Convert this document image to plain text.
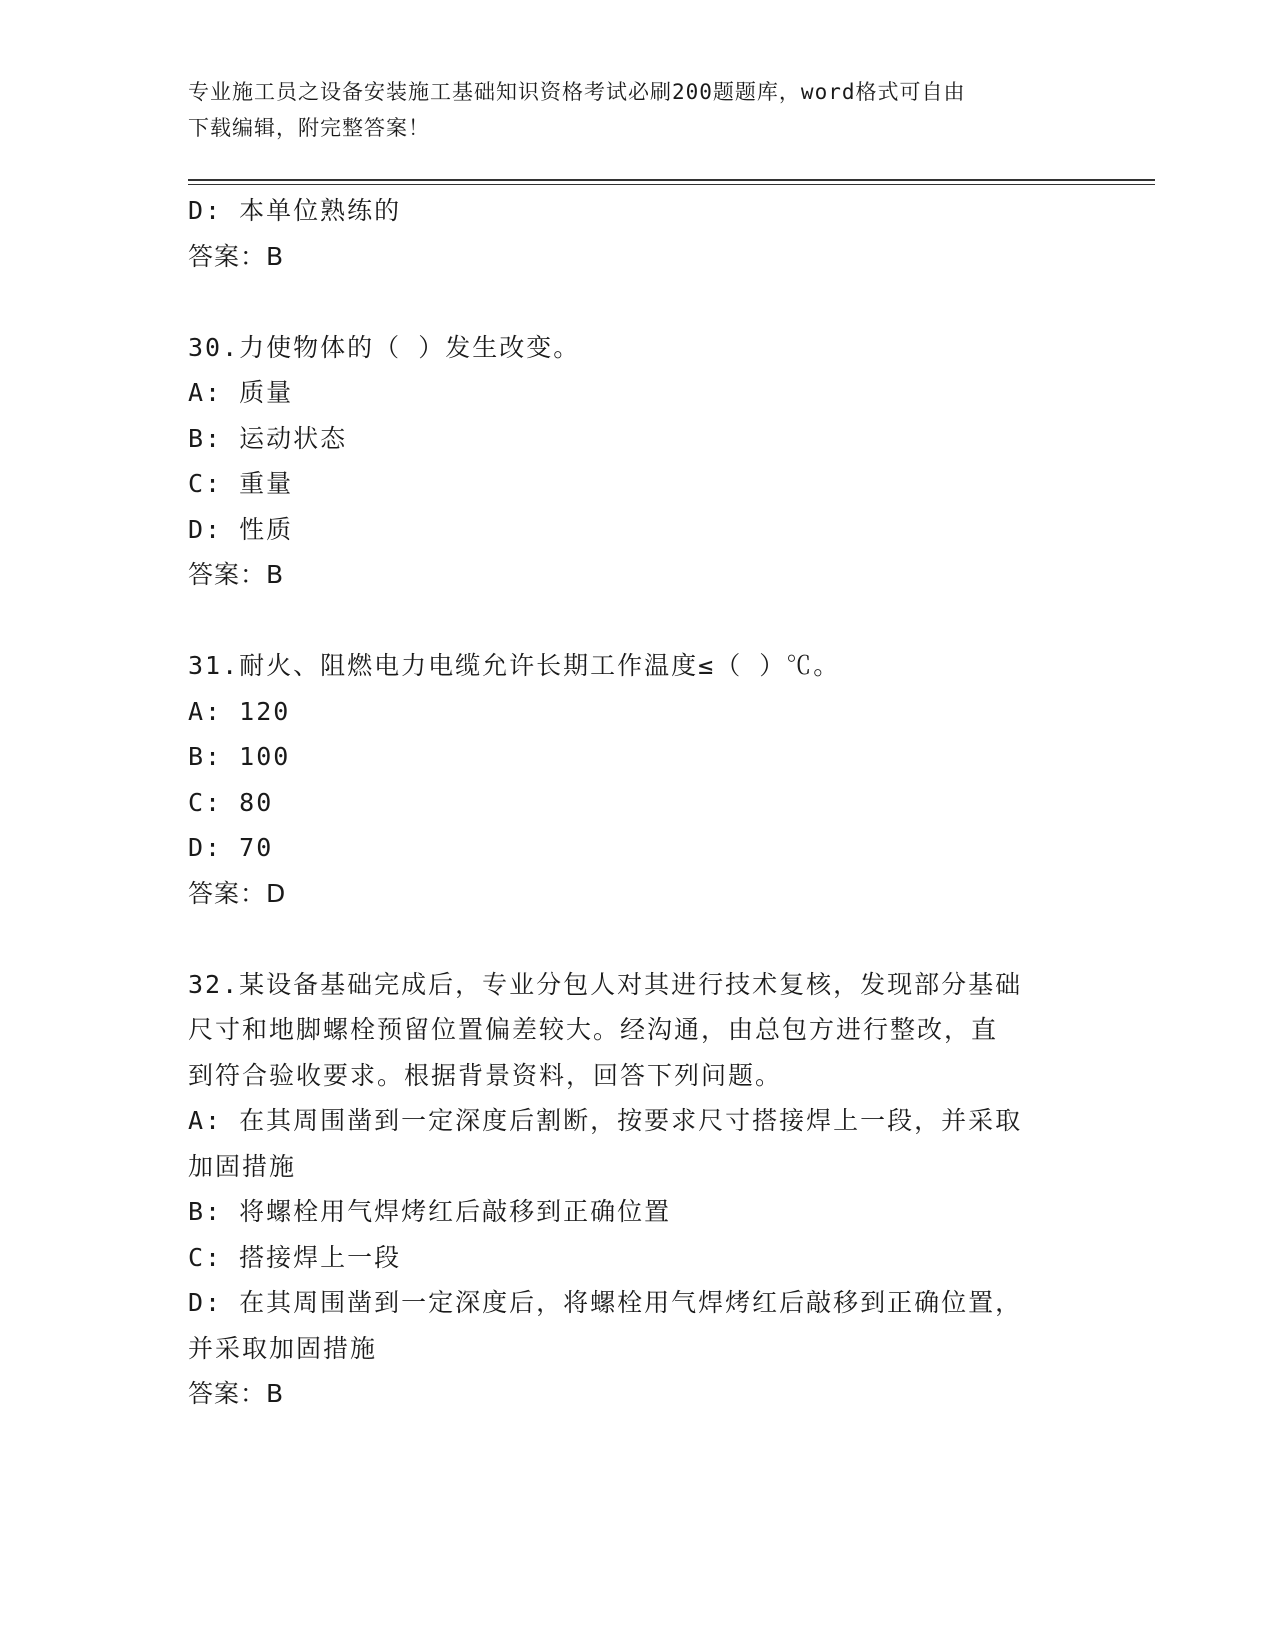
专业施工员之设备安装施工基础知识资格考试必刷200题题库，word格式可自由
下载编辑，附完整答案！
D: 本单位熟练的
答案：B
30.力使物体的（ ）发生改变。
A: 质量
B: 运动状态
C: 重量
D: 性质
答案：B
31.耐火、阻燃电力电缆允许长期工作温度≤（ ）℃。
A: 120
B: 100
C: 80
D: 70
答案：D
32.某设备基础完成后，专业分包人对其进行技术复核，发现部分基础
尺寸和地脚螺栓预留位置偏差较大。经沟通，由总包方进行整改，直
到符合验收要求。根据背景资料，回答下列问题。
A: 在其周围凿到一定深度后割断，按要求尺寸搭接焊上一段，并采取
加固措施
B: 将螺栓用气焊烤红后敲移到正确位置
C: 搭接焊上一段
D: 在其周围凿到一定深度后，将螺栓用气焊烤红后敲移到正确位置，
并采取加固措施
答案：B
